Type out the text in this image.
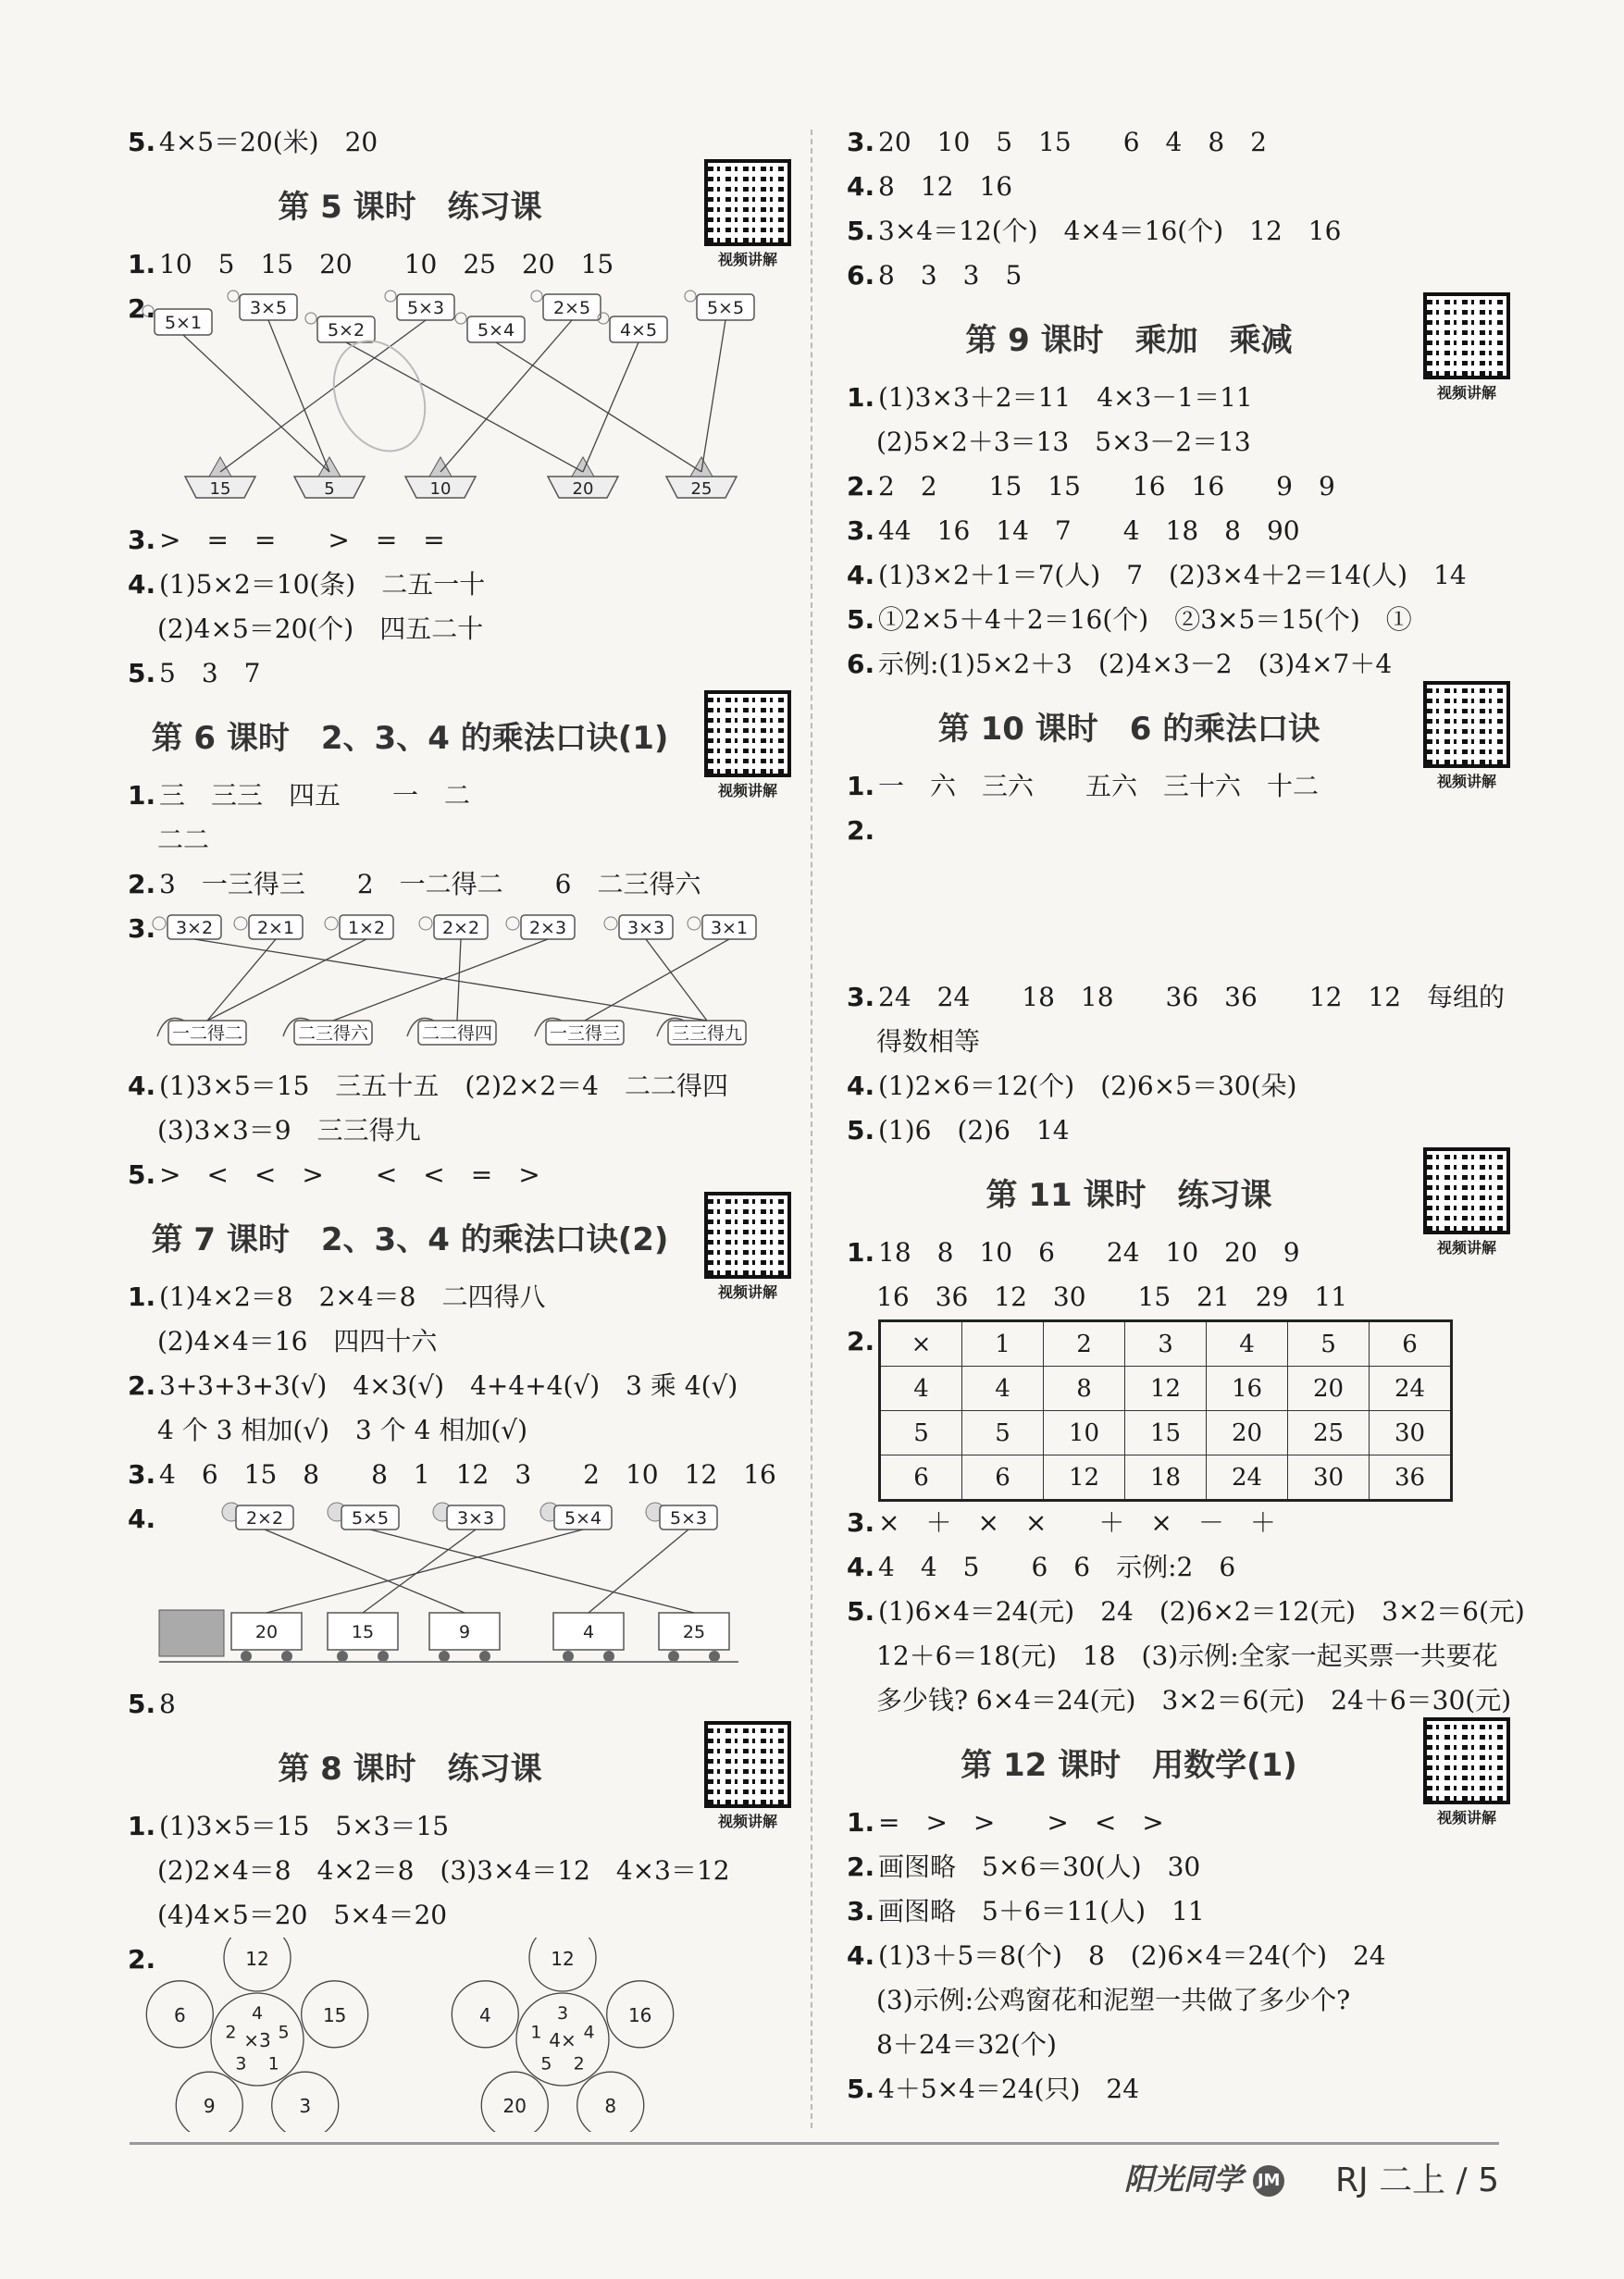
5. 4×5＝20(米)　20
第 5 课时　练习课
视频讲解
1. 10　5　15　20　　10　25　20　15
2. 5×1
3×5
5×2
5×3
5×4
2×5
4×5
5×5
15	5	10	20	25
3. >　=　=　　>　=　=
4. (1)5×2＝10(条)　二五一十
(2)4×5＝20(个)　四五二十
5. 5　3　7
第 6 课时　2、3、4 的乘法口诀(1)
视频讲解
1. 三　三三　四五　　一　二
二二
2. 3　一三得三　　2　一二得二　　6　二三得六
3. 3×2	2×1	1×2	2×2	2×3	3×3	3×1
一二得二	二三得六	二二得四	一三得三	三三得九
4. (1)3×5＝15　三五十五　(2)2×2＝4　二二得四
(3)3×3＝9　三三得九
5. >　<　<　>　　<　<　=　>
第 7 课时　2、3、4 的乘法口诀(2)
视频讲解
1. (1)4×2＝8　2×4＝8　二四得八
(2)4×4＝16　四四十六
2. 3+3+3+3(√)　4×3(√)　4+4+4(√)　3 乘 4(√)
4 个 3 相加(√)　3 个 4 相加(√)
3. 4　6　15　8　　8　1　12　3　　2　10　12　16
4.	2×2	5×5	3×3	5×4	5×3
20	15	9	4	25
5. 8
第 8 课时　练习课
视频讲解
1. (1)3×5＝15　5×3＝15
(2)2×4＝8　4×2＝8　(3)3×4＝12　4×3＝12
(4)4×5＝20　5×4＝20
2.	12
4	15
5
3
1
9
3
6
2 ×3
12
3	16
4
8
2
20
5
4
1 4×
3. 20　10　5　15　　6　4　8　2
4. 8　12　16
5. 3×4＝12(个)　4×4＝16(个)　12　16
6. 8　3　3　5
第 9 课时　乘加　乘减
视频讲解
1. (1)3×3＋2＝11　4×3－1＝11
(2)5×2＋3＝13　5×3－2＝13
2. 2　2　　15　15　　16　16　　9　9
3. 44　16　14　7　　4　18　8　90
4. (1)3×2＋1＝7(人)　7　(2)3×4＋2＝14(人)　14
5. ①2×5＋4＋2＝16(个)　②3×5＝15(个)　①
6. 示例:(1)5×2＋3　(2)4×3－2　(3)4×7＋4
第 10 课时　6 的乘法口诀
视频讲解
1. 一　六　三六　　五六　三十六　十二
2.
3. 24　24　　18　18　　36　36　　12　12　每组的
得数相等
4. (1)2×6＝12(个)　(2)6×5＝30(朵)
5. (1)6　(2)6　14
第 11 课时　练习课
视频讲解
1. 18　8　10　6　　24　10　20　9
16　36　12　30　　15　21　29　11
2. ×	1	2	3	4	5	6
4	4	8	12	16	20	24
5	5	10	15	20	25	30
6	6	12	18	24	30	36
3. ×　＋　×　×　　＋　×　－　＋
4. 4　4　5　　6　6　示例:2　6
5. (1)6×4＝24(元)　24　(2)6×2＝12(元)　3×2＝6(元)
12＋6＝18(元)　18　(3)示例:全家一起买票一共要花
多少钱? 6×4＝24(元)　3×2＝6(元)　24＋6＝30(元)
第 12 课时　用数学(1)
视频讲解
1. =　>　>　　>　<　>
2. 画图略　5×6＝30(人)　30
3. 画图略　5＋6＝11(人)　11
4. (1)3＋5＝8(个)　8　(2)6×4＝24(个)　24
(3)示例:公鸡窗花和泥塑一共做了多少个?
8＋24＝32(个)
5. 4＋5×4＝24(只)　24
阳光同学 JM	RJ 二上 / 5
